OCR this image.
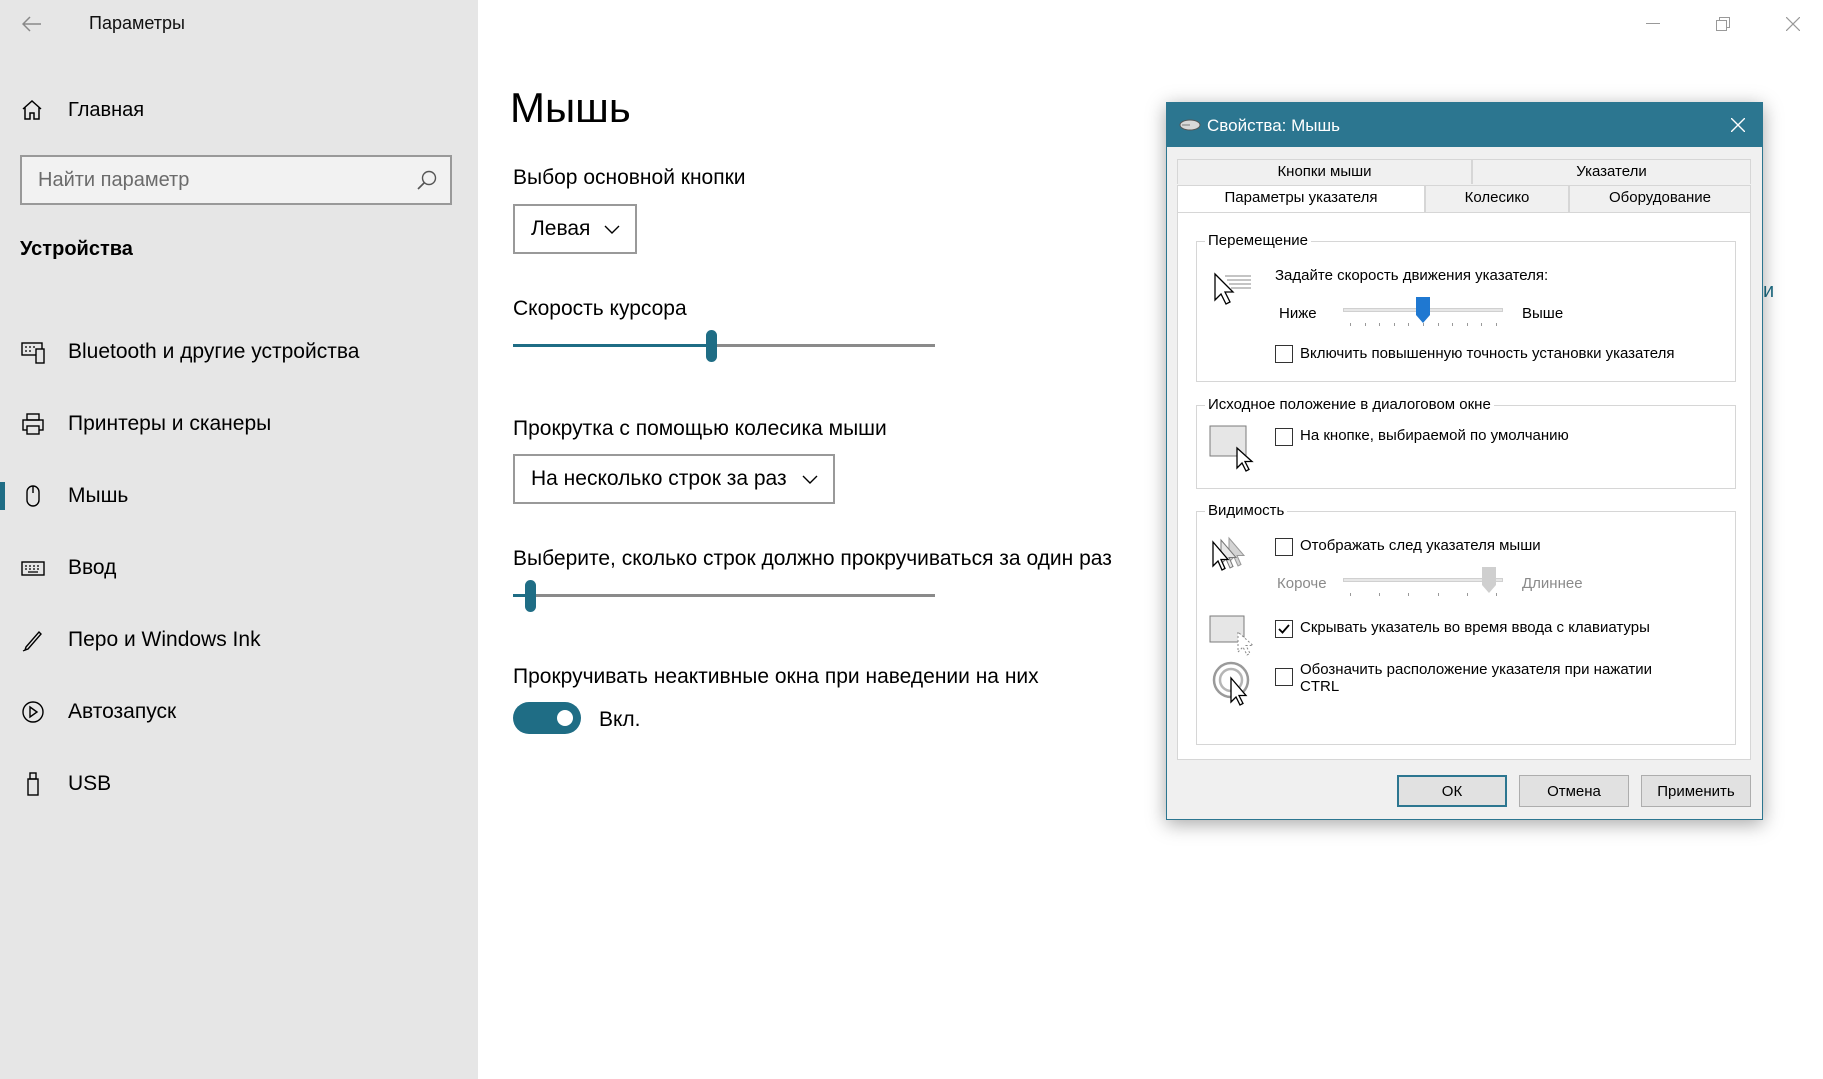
Параметры
Главная
Найти параметр
Устройства
Bluetooth и другие устройства
Принтеры и сканеры
Мышь
Ввод
Перо и Windows Ink
Автозапуск
USB
Мышь
Выбор основной кнопки
Левая
Скорость курсора
Прокрутка с помощью колесика мыши
На несколько строк за раз
Выберите, сколько строк должно прокручиваться за один раз
Прокручивать неактивные окна при наведении на них
Вкл.
и
Свойства: Мышь
Кнопки мыши	Указатели
Параметры указателя	Колесико	Оборудование
Перемещение
Задайте скорость движения указателя:
Ниже	Выше
Включить повышенную точность установки указателя
Исходное положение в диалоговом окне
На кнопке, выбираемой по умолчанию
Видимость
Отображать след указателя мыши
Короче	Длиннее
Скрывать указатель во время ввода с клавиатуры
Обозначить расположение указателя при нажатии
CTRL
ОК	Отмена	Применить
